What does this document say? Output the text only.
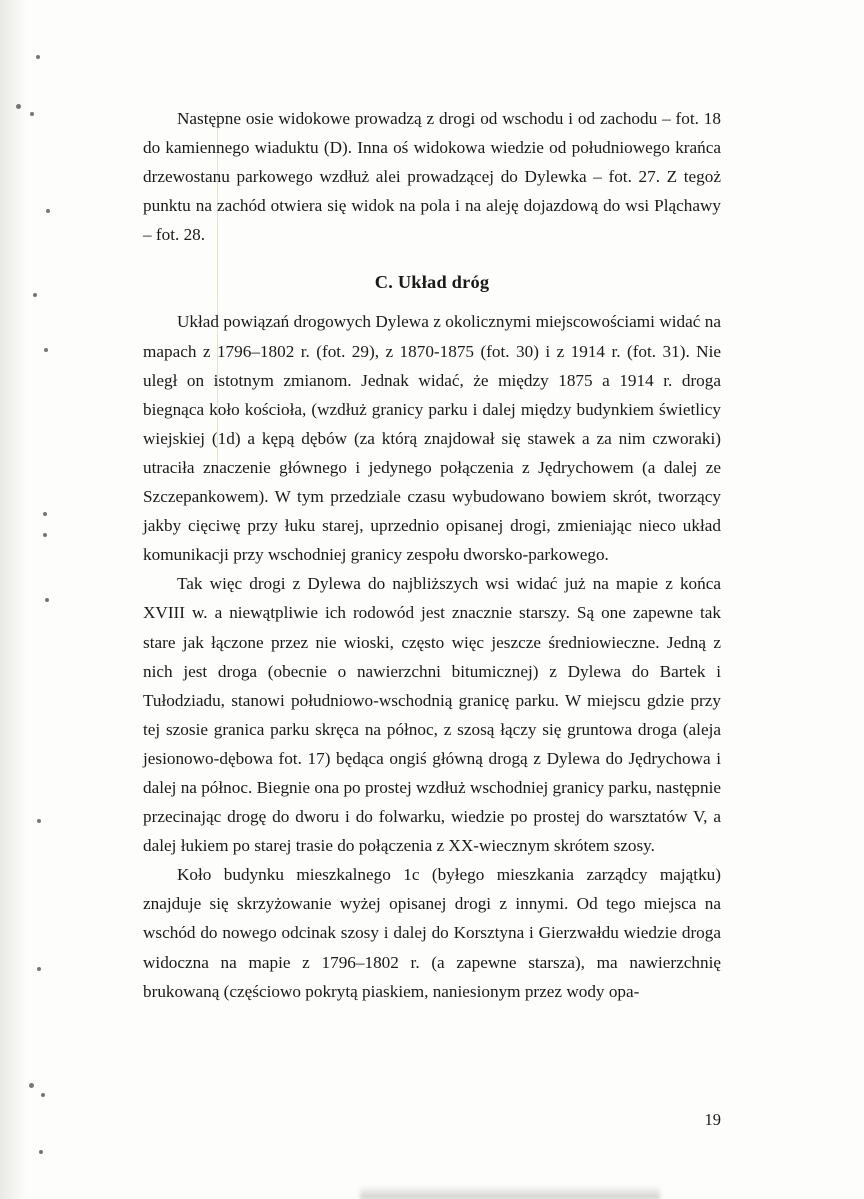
Następne osie widokowe prowadzą z drogi od wschodu i od zachodu – fot. 18 do kamiennego wiaduktu (D). Inna oś widokowa wiedzie od południowego krańca drzewostanu parkowego wzdłuż alei prowadzącej do Dylewka – fot. 27. Z tegoż punktu na zachód otwiera się widok na pola i na aleję dojazdową do wsi Pląchawy – fot. 28.

C. Układ dróg

Układ powiązań drogowych Dylewa z okolicznymi miejscowościami widać na mapach z 1796–1802 r. (fot. 29), z 1870-1875 (fot. 30) i z 1914 r. (fot. 31). Nie uległ on istotnym zmianom. Jednak widać, że między 1875 a 1914 r. droga biegnąca koło kościoła, (wzdłuż granicy parku i dalej między budynkiem świetlicy wiejskiej (1d) a kępą dębów (za którą znajdował się stawek a za nim czworaki) utraciła znaczenie głównego i jedynego połączenia z Jędrychowem (a dalej ze Szczepankowem). W tym przedziale czasu wybudowano bowiem skrót, tworzący jakby cięciwę przy łuku starej, uprzednio opisanej drogi, zmieniając nieco układ komunikacji przy wschodniej granicy zespołu dworsko-parkowego.

Tak więc drogi z Dylewa do najbliższych wsi widać już na mapie z końca XVIII w. a niewątpliwie ich rodowód jest znacznie starszy. Są one zapewne tak stare jak łączone przez nie wioski, często więc jeszcze średniowieczne. Jedną z nich jest droga (obecnie o nawierzchni bitumicznej) z Dylewa do Bartek i Tułodziadu, stanowi południowo-wschodnią granicę parku. W miejscu gdzie przy tej szosie granica parku skręca na północ, z szosą łączy się gruntowa droga (aleja jesionowo-dębowa fot. 17) będąca ongiś główną drogą z Dylewa do Jędrychowa i dalej na północ. Biegnie ona po prostej wzdłuż wschodniej granicy parku, następnie przecinając drogę do dworu i do folwarku, wiedzie po prostej do warsztatów V, a dalej łukiem po starej trasie do połączenia z XX-wiecznym skrótem szosy.

Koło budynku mieszkalnego 1c (byłego mieszkania zarządcy majątku) znajduje się skrzyżowanie wyżej opisanej drogi z innymi. Od tego miejsca na wschód do nowego odcinak szosy i dalej do Korsztyna i Gierzwałdu wiedzie droga widoczna na mapie z 1796–1802 r. (a zapewne starsza), ma nawierzchnię brukowaną (częściowo pokrytą piaskiem, naniesionym przez wody opa-

19
